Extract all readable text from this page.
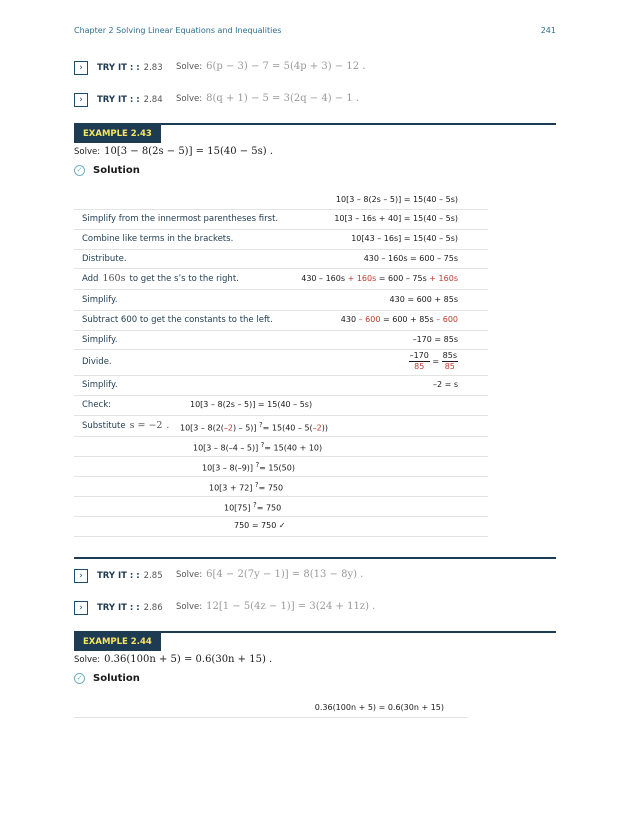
Chapter 2 Solving Linear Equations and Inequalities	241
›	TRY IT : : 2.83 Solve: 6(p − 3) − 7 = 5(4p + 3) − 12 .
›	TRY IT : : 2.84 Solve: 8(q + 1) − 5 = 3(2q − 4) − 1 .
EXAMPLE 2.43
Solve: 10[3 − 8(2s − 5)] = 15(40 − 5s) .
✓ Solution
10[3 – 8(2s – 5)] = 15(40 – 5s)
Simplify from the innermost parentheses first.	10[3 – 16s + 40] = 15(40 – 5s)
Combine like terms in the brackets.	10[43 – 16s] = 15(40 – 5s)
Distribute.	430 – 160s = 600 – 75s
Add 160s to get the s’s to the right.	430 – 160s + 160s = 600 – 75s + 160s
Simplify.	430 = 600 + 85s
Subtract 600 to get the constants to the left.	430 – 600 = 600 + 85s – 600
Simplify.	–170 = 85s
Divide.	$\frac{-170}{85} = \frac{85s}{85}$
Simplify.	–2 = s
Check:	10[3 – 8(2s – 5)] = 15(40 – 5s)
Substitute s = −2 . 10[3 – 8(2(–2) – 5)] ?= 15(40 – 5(–2))
10[3 – 8(–4 – 5)] ?= 15(40 + 10)
10[3 – 8(–9)] ?= 15(50)
10[3 + 72] ?= 750
10[75] ?= 750
750 = 750 ✓
›	TRY IT : : 2.85 Solve: 6[4 − 2(7y − 1)] = 8(13 − 8y) .
›	TRY IT : : 2.86 Solve: 12[1 − 5(4z − 1)] = 3(24 + 11z) .
EXAMPLE 2.44
Solve: 0.36(100n + 5) = 0.6(30n + 15) .
✓ Solution
0.36(100n + 5) = 0.6(30n + 15)
